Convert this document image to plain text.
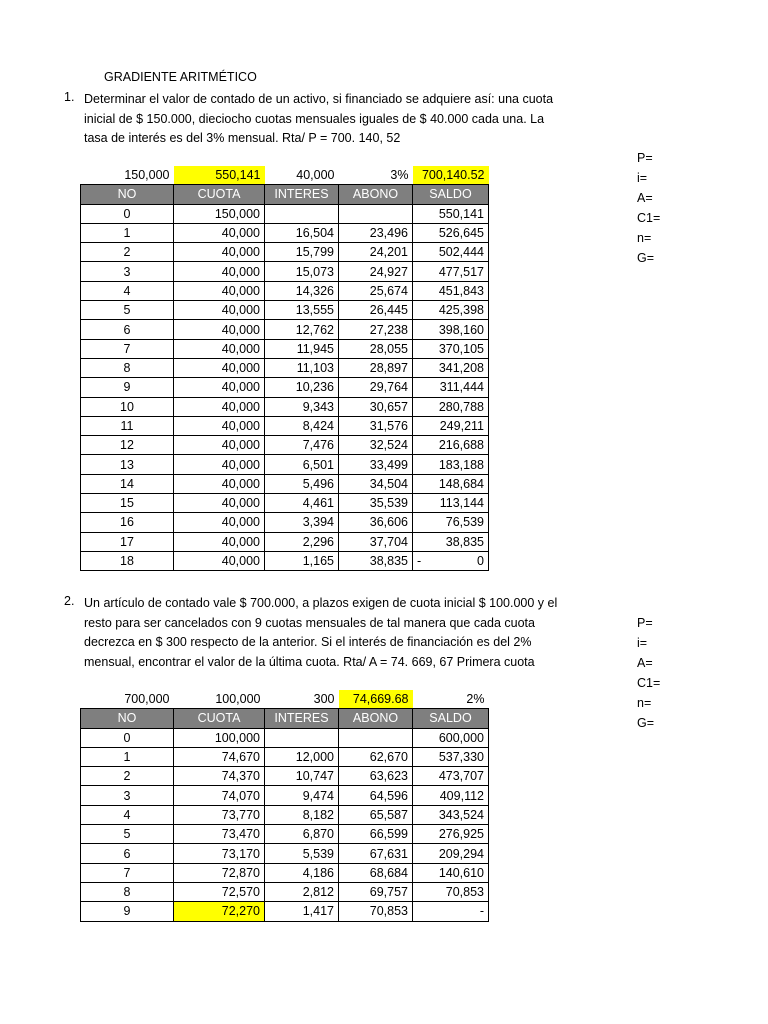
GRADIENTE ARITMÉTICO
1. Determinar el valor de contado de un activo, si financiado se adquiere así: una cuota
inicial de $ 150.000, dieciocho cuotas mensuales iguales de $ 40.000 cada una. La
tasa de interés es del 3% mensual. Rta/ P = 700. 140, 52
P=
i=
A=
C1=
n=
G=
150,000	550,141	40,000	3%	700,140.52
NO	CUOTA	INTERES	ABONO	SALDO
0	150,000			550,141
1	40,000	16,504	23,496	526,645
2	40,000	15,799	24,201	502,444
3	40,000	15,073	24,927	477,517
4	40,000	14,326	25,674	451,843
5	40,000	13,555	26,445	425,398
6	40,000	12,762	27,238	398,160
7	40,000	11,945	28,055	370,105
8	40,000	11,103	28,897	341,208
9	40,000	10,236	29,764	311,444
10	40,000	9,343	30,657	280,788
11	40,000	8,424	31,576	249,211
12	40,000	7,476	32,524	216,688
13	40,000	6,501	33,499	183,188
14	40,000	5,496	34,504	148,684
15	40,000	4,461	35,539	113,144
16	40,000	3,394	36,606	76,539
17	40,000	2,296	37,704	38,835
18	40,000	1,165	38,835	- 0
2. Un artículo de contado vale $ 700.000, a plazos exigen de cuota inicial $ 100.000 y el
resto para ser cancelados con 9 cuotas mensuales de tal manera que cada cuota
decrezca en $ 300 respecto de la anterior. Si el interés de financiación es del 2%
mensual, encontrar el valor de la última cuota. Rta/ A = 74. 669, 67 Primera cuota
P=
i=
A=
C1=
n=
G=
700,000	100,000	300	74,669.68	2%
NO	CUOTA	INTERES	ABONO	SALDO
0	100,000			600,000
1	74,670	12,000	62,670	537,330
2	74,370	10,747	63,623	473,707
3	74,070	9,474	64,596	409,112
4	73,770	8,182	65,587	343,524
5	73,470	6,870	66,599	276,925
6	73,170	5,539	67,631	209,294
7	72,870	4,186	68,684	140,610
8	72,570	2,812	69,757	70,853
9	72,270	1,417	70,853	-
